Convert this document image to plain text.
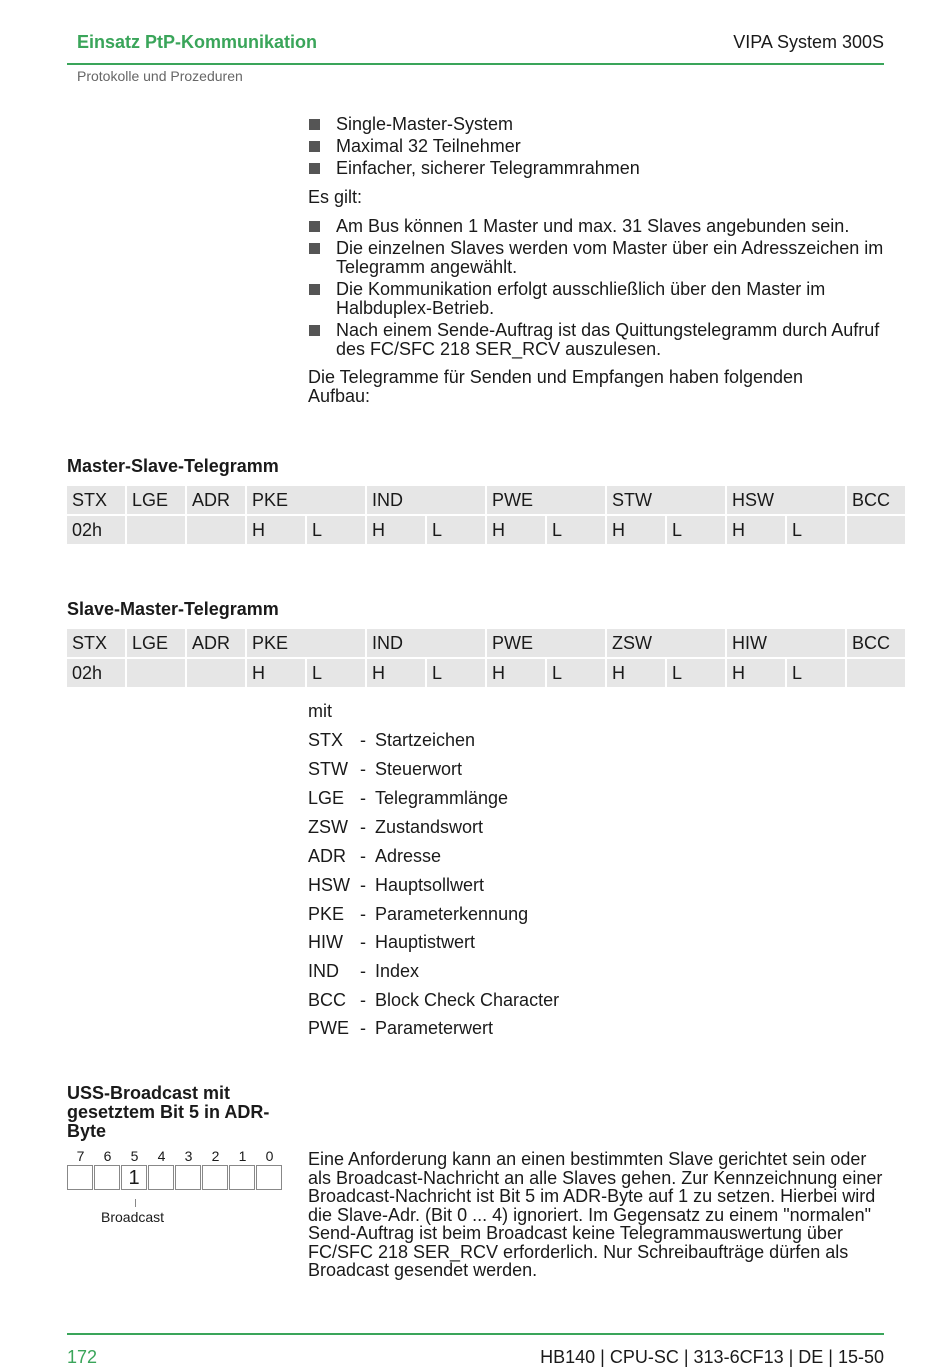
Einsatz PtP-Kommunikation	VIPA System 300S
Protokolle und Prozeduren
Single-Master-System
Maximal 32 Teilnehmer
Einfacher, sicherer Telegrammrahmen
Es gilt:
Am Bus können 1 Master und max. 31 Slaves angebunden sein.
Die einzelnen Slaves werden vom Master über ein Adresszeichen im Telegramm angewählt.
Die Kommunikation erfolgt ausschließlich über den Master im Halbduplex-Betrieb.
Nach einem Sende-Auftrag ist das Quittungstelegramm durch Aufruf des FC/SFC 218 SER_RCV auszulesen.
Die Telegramme für Senden und Empfangen haben folgenden Aufbau:
Master-Slave-Telegramm
STX	LGE	ADR	PKE		IND		PWE		STW		HSW		BCC
02h			H	L	H	L	H	L	H	L	H	L	
Slave-Master-Telegramm
STX	LGE	ADR	PKE		IND		PWE		ZSW		HIW		BCC
02h			H	L	H	L	H	L	H	L	H	L	
mit
STX - Startzeichen
STW - Steuerwort
LGE - Telegrammlänge
ZSW - Zustandswort
ADR - Adresse
HSW - Hauptsollwert
PKE - Parameterkennung
HIW - Hauptistwert
IND - Index
BCC - Block Check Character
PWE - Parameterwert
USS-Broadcast mit gesetztem Bit 5 in ADR-Byte
7	6	5	4	3	2	1	0
1
Broadcast
Eine Anforderung kann an einen bestimmten Slave gerichtet sein oder als Broadcast-Nachricht an alle Slaves gehen. Zur Kennzeichnung einer Broadcast-Nachricht ist Bit 5 im ADR-Byte auf 1 zu setzen. Hierbei wird die Slave-Adr. (Bit 0 ... 4) ignoriert. Im Gegensatz zu einem "normalen" Send-Auftrag ist beim Broadcast keine Telegrammauswertung über FC/SFC 218 SER_RCV erforderlich. Nur Schreibaufträge dürfen als Broadcast gesendet werden.
172	HB140 | CPU-SC | 313-6CF13 | DE | 15-50
